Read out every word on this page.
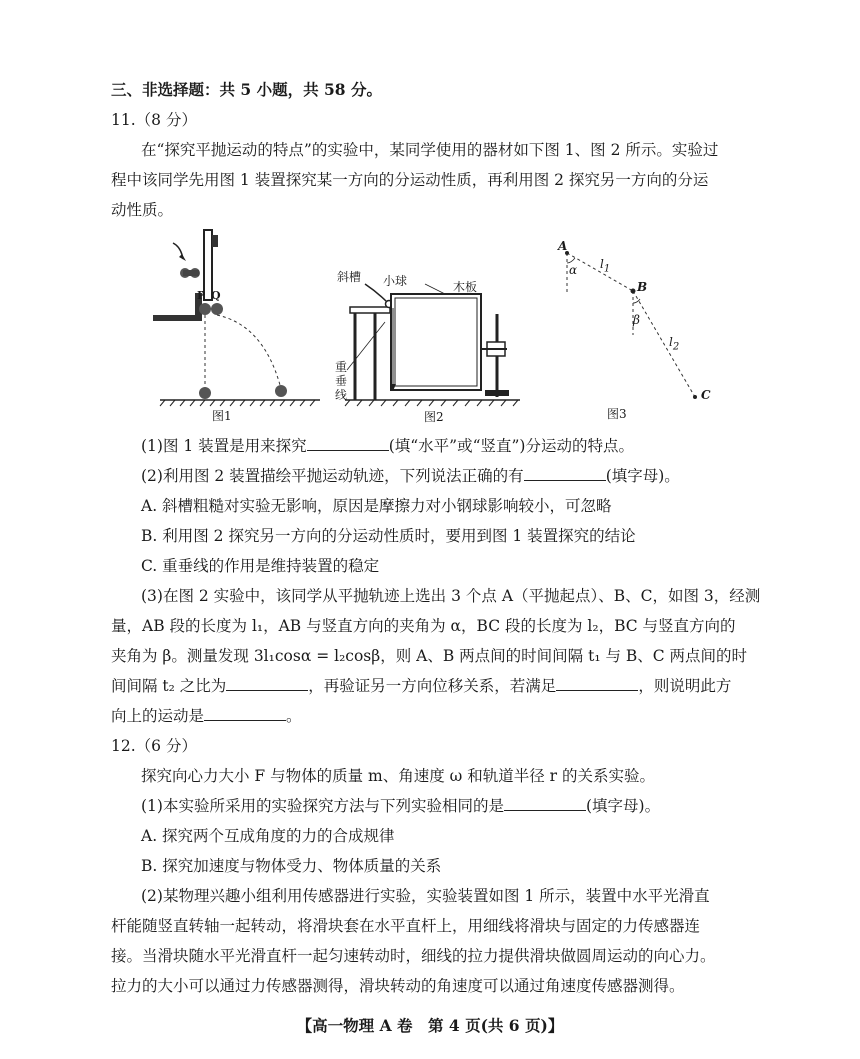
三、非选择题：共 5 小题，共 58 分。
11.（8 分）
在“探究平抛运动的特点”的实验中，某同学使用的器材如下图 1、图 2 所示。实验过
程中该同学先用图 1 装置探究某一方向的分运动性质，再利用图 2 探究另一方向的分运
动性质。
P Q
图1
斜槽 小球	木板
重
垂
线
图2
A
B
C
α
β
$l_1$
$l_2$
图3
(1)图 1 装置是用来探究	(填“水平”或“竖直”)分运动的特点。
(2)利用图 2 装置描绘平抛运动轨迹，下列说法正确的有	(填字母)。
A. 斜槽粗糙对实验无影响，原因是摩擦力对小钢球影响较小，可忽略
B. 利用图 2 探究另一方向的分运动性质时，要用到图 1 装置探究的结论
C. 重垂线的作用是维持装置的稳定
(3)在图 2 实验中，该同学从平抛轨迹上选出 3 个点 A（平抛起点）、B、C，如图 3，经测
量，AB 段的长度为 l₁，AB 与竖直方向的夹角为 α，BC 段的长度为 l₂，BC 与竖直方向的
夹角为 β。测量发现 3l₁cosα = l₂cosβ，则 A、B 两点间的时间间隔 t₁ 与 B、C 两点间的时
间间隔 t₂ 之比为	，再验证另一方向位移关系，若满足	，则说明此方
向上的运动是	。
12.（6 分）
探究向心力大小 F 与物体的质量 m、角速度 ω 和轨道半径 r 的关系实验。
(1)本实验所采用的实验探究方法与下列实验相同的是	(填字母)。
A. 探究两个互成角度的力的合成规律
B. 探究加速度与物体受力、物体质量的关系
(2)某物理兴趣小组利用传感器进行实验，实验装置如图 1 所示，装置中水平光滑直
杆能随竖直转轴一起转动，将滑块套在水平直杆上，用细线将滑块与固定的力传感器连
接。当滑块随水平光滑直杆一起匀速转动时，细线的拉力提供滑块做圆周运动的向心力。
拉力的大小可以通过力传感器测得，滑块转动的角速度可以通过角速度传感器测得。
【高一物理 A 卷　第 4 页(共 6 页)】
